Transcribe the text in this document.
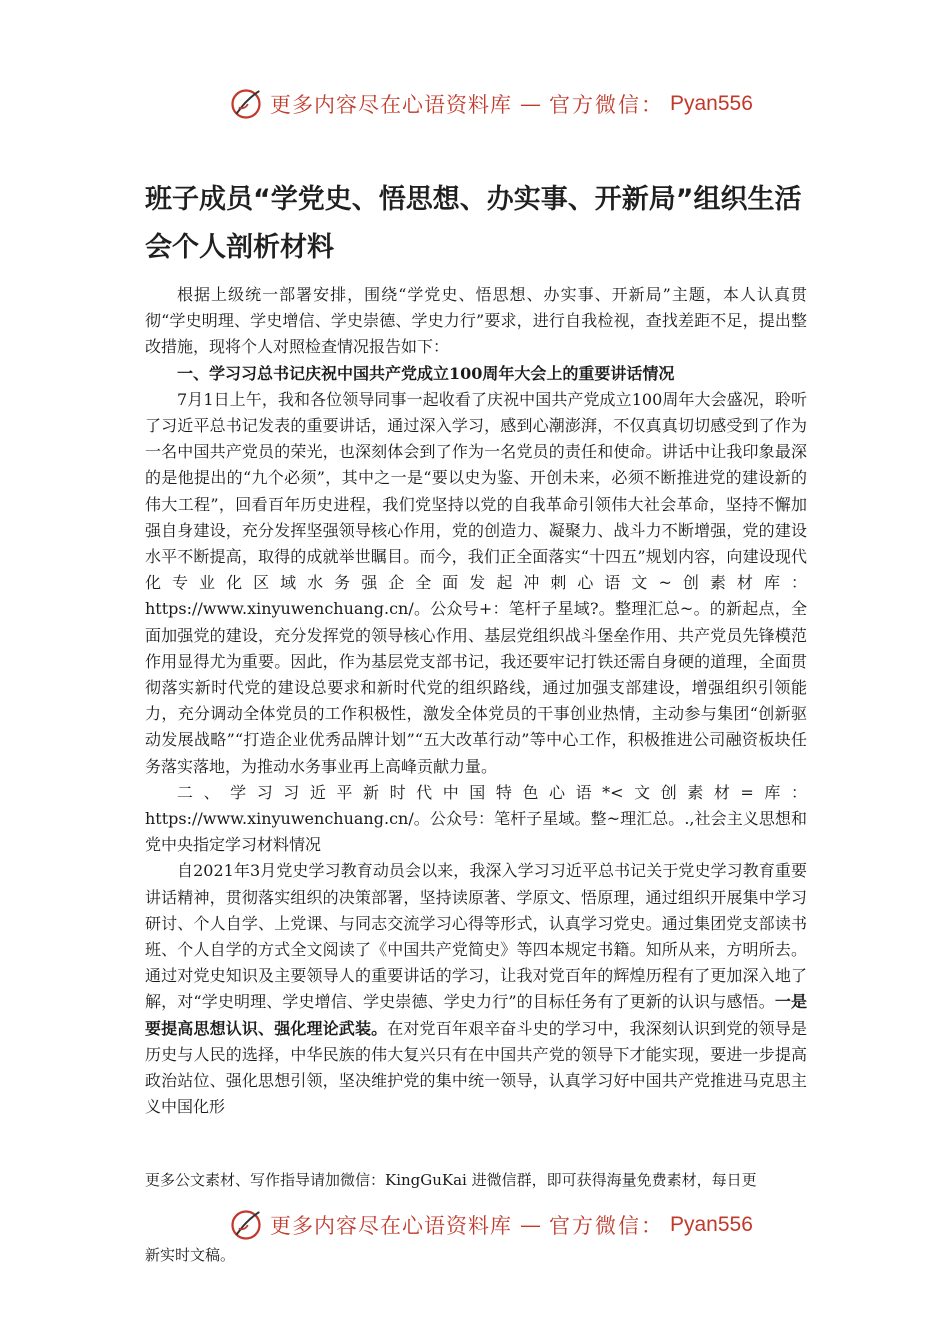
更多内容尽在心语资料库 — 官方微信： Pyan556
班子成员“学党史、悟思想、办实事、开新局”组织生活会个人剖析材料

根据上级统一部署安排，围绕“学党史、悟思想、办实事、开新局”主题，本人认真贯彻“学史明理、学史增信、学史崇德、学史力行”要求，进行自我检视，查找差距不足，提出整改措施，现将个人对照检查情况报告如下：

一、学习习总书记庆祝中国共产党成立100周年大会上的重要讲话情况

7月1日上午，我和各位领导同事一起收看了庆祝中国共产党成立100周年大会盛况，聆听了习近平总书记发表的重要讲话，通过深入学习，感到心潮澎湃，不仅真真切切感受到了作为一名中国共产党员的荣光，也深刻体会到了作为一名党员的责任和使命。讲话中让我印象最深的是他提出的“九个必须”，其中之一是“要以史为鉴、开创未来，必须不断推进党的建设新的伟大工程”，回看百年历史进程，我们党坚持以党的自我革命引领伟大社会革命，坚持不懈加强自身建设，充分发挥坚强领导核心作用，党的创造力、凝聚力、战斗力不断增强，党的建设水平不断提高，取得的成就举世瞩目。而今，我们正全面落实“十四五”规划内容，向建设现代化专业化区域水务强企全面发起冲刺心语文~创素材库：https://www.xinyuwenchuang.cn/。公众号+：笔杆子星域?。整理汇总~。的新起点，全面加强党的建设，充分发挥党的领导核心作用、基层党组织战斗堡垒作用、共产党员先锋模范作用显得尤为重要。因此，作为基层党支部书记，我还要牢记打铁还需自身硬的道理，全面贯彻落实新时代党的建设总要求和新时代党的组织路线，通过加强支部建设，增强组织引领能力，充分调动全体党员的工作积极性，激发全体党员的干事创业热情，主动参与集团“创新驱动发展战略”“打造企业优秀品牌计划”“五大改革行动”等中心工作，积极推进公司融资板块任务落实落地，为推动水务事业再上高峰贡献力量。

二、学习习近平新时代中国特色心语*<文创素材=库：https://www.xinyuwenchuang.cn/。公众号：笔杆子星域。整~理汇总。.,社会主义思想和党中央指定学习材料情况

自2021年3月党史学习教育动员会以来，我深入学习习近平总书记关于党史学习教育重要讲话精神，贯彻落实组织的决策部署，坚持读原著、学原文、悟原理，通过组织开展集中学习研讨、个人自学、上党课、与同志交流学习心得等形式，认真学习党史。通过集团党支部读书班、个人自学的方式全文阅读了《中国共产党简史》等四本规定书籍。知所从来，方明所去。通过对党史知识及主要领导人的重要讲话的学习，让我对党百年的辉煌历程有了更加深入地了解，对“学史明理、学史增信、学史崇德、学史力行”的目标任务有了更新的认识与感悟。一是要提高思想认识、强化理论武装。在对党百年艰辛奋斗史的学习中，我深刻认识到党的领导是历史与人民的选择，中华民族的伟大复兴只有在中国共产党的领导下才能实现，要进一步提高政治站位、强化思想引领，坚决维护党的集中统一领导，认真学习好中国共产党推进马克思主义中国化形

更多公文素材、写作指导请加微信：KingGuKai 进微信群，即可获得海量免费素材，每日更

更多内容尽在心语资料库 — 官方微信： Pyan556

新实时文稿。
